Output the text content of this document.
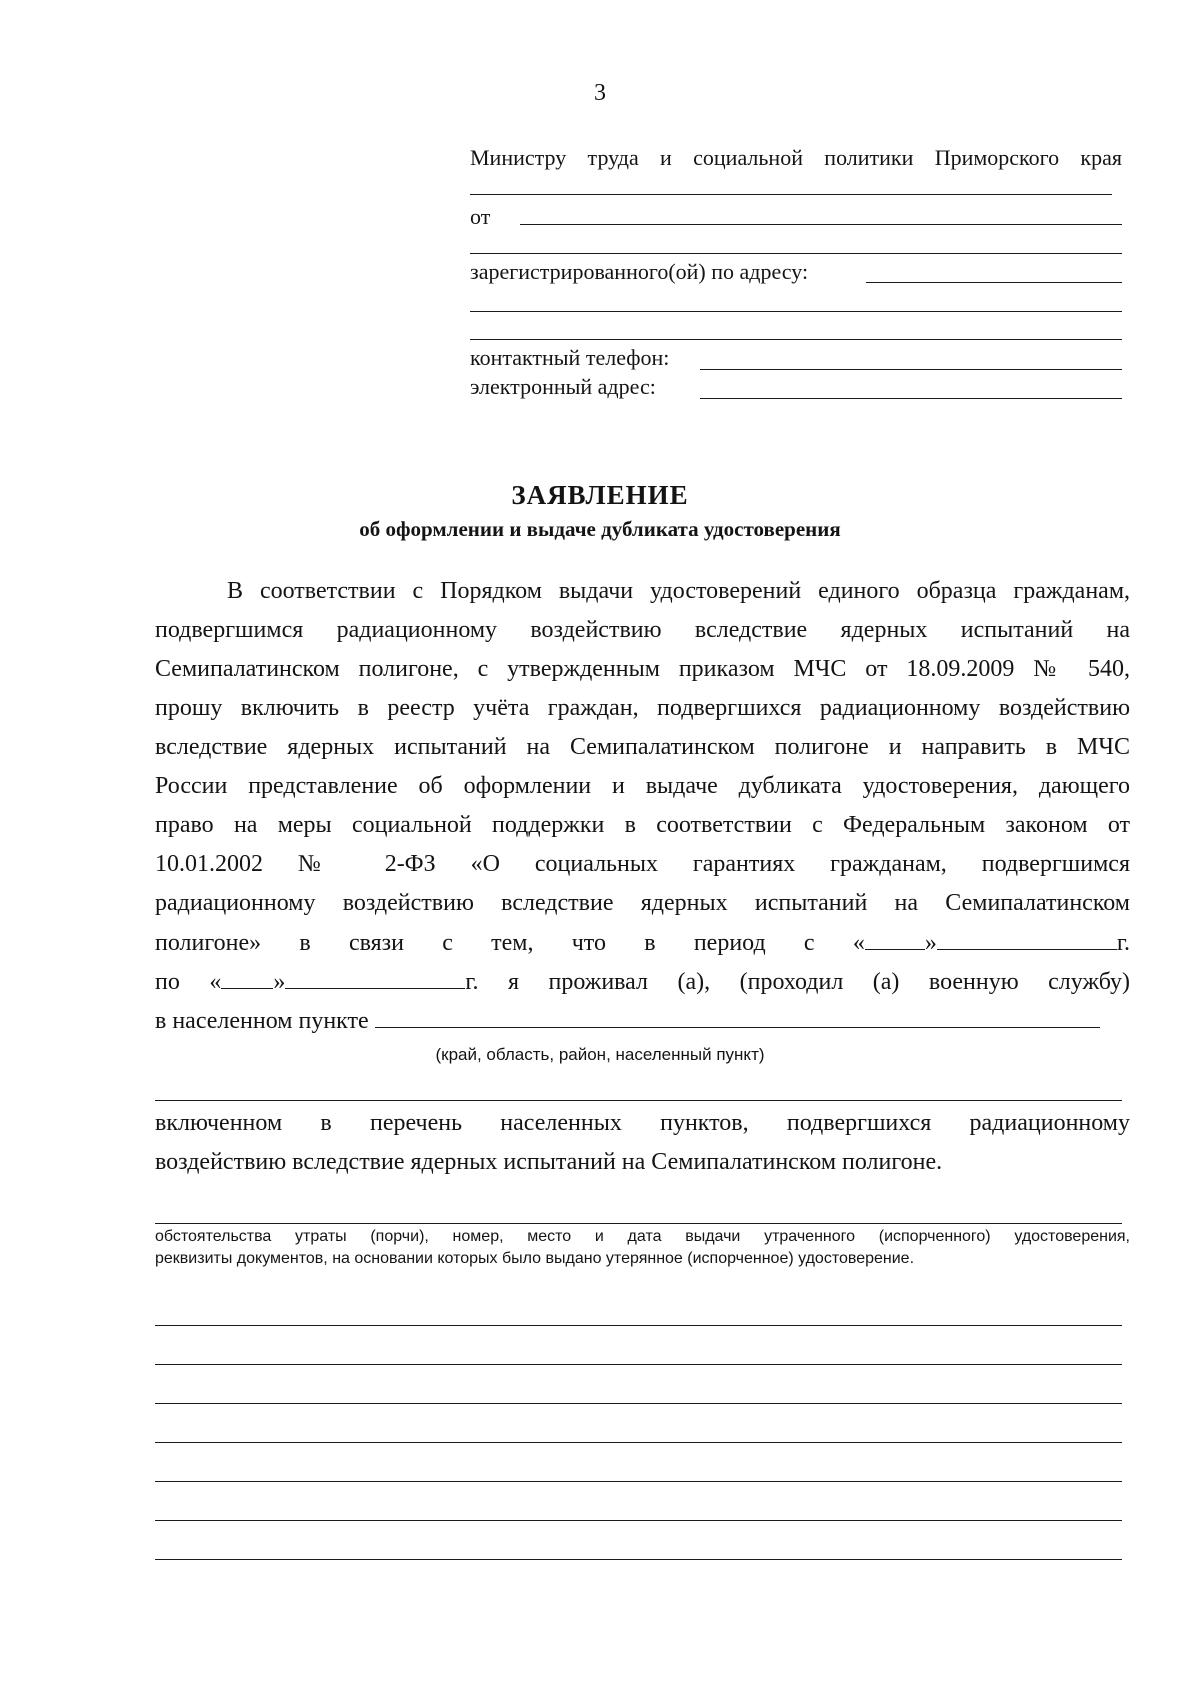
3
Министру труда и социальной политики Приморского края
от
зарегистрированного(ой) по адресу:
контактный телефон:
электронный адрес:
ЗАЯВЛЕНИЕ
об оформлении и выдаче дубликата удостоверения
В соответствии с Порядком выдачи удостоверений единого образца гражданам,
подвергшимся радиационному воздействию вследствие ядерных испытаний на
Семипалатинском полигоне, с утвержденным приказом МЧС от 18.09.2009 № 540,
прошу включить в реестр учёта граждан, подвергшихся радиационному воздействию
вследствие ядерных испытаний на Семипалатинском полигоне и направить в МЧС
России представление об оформлении и выдаче дубликата удостоверения, дающего
право на меры социальной поддержки в соответствии с Федеральным законом от
10.01.2002 № 2-ФЗ «О социальных гарантиях гражданам, подвергшимся
радиационному воздействию вследствие ядерных испытаний на Семипалатинском
полигоне» в связи с тем, что в период с «	»	г.
по « »	г. я проживал (а), (проходил (а) военную службу)
в населенном пункте
(край, область, район, населенный пункт)
включенном в перечень населенных пунктов, подвергшихся радиационному
воздействию вследствие ядерных испытаний на Семипалатинском полигоне.
обстоятельства утраты (порчи), номер, место и дата выдачи утраченного (испорченного) удостоверения,
реквизиты документов, на основании которых было выдано утерянное (испорченное) удостоверение.
